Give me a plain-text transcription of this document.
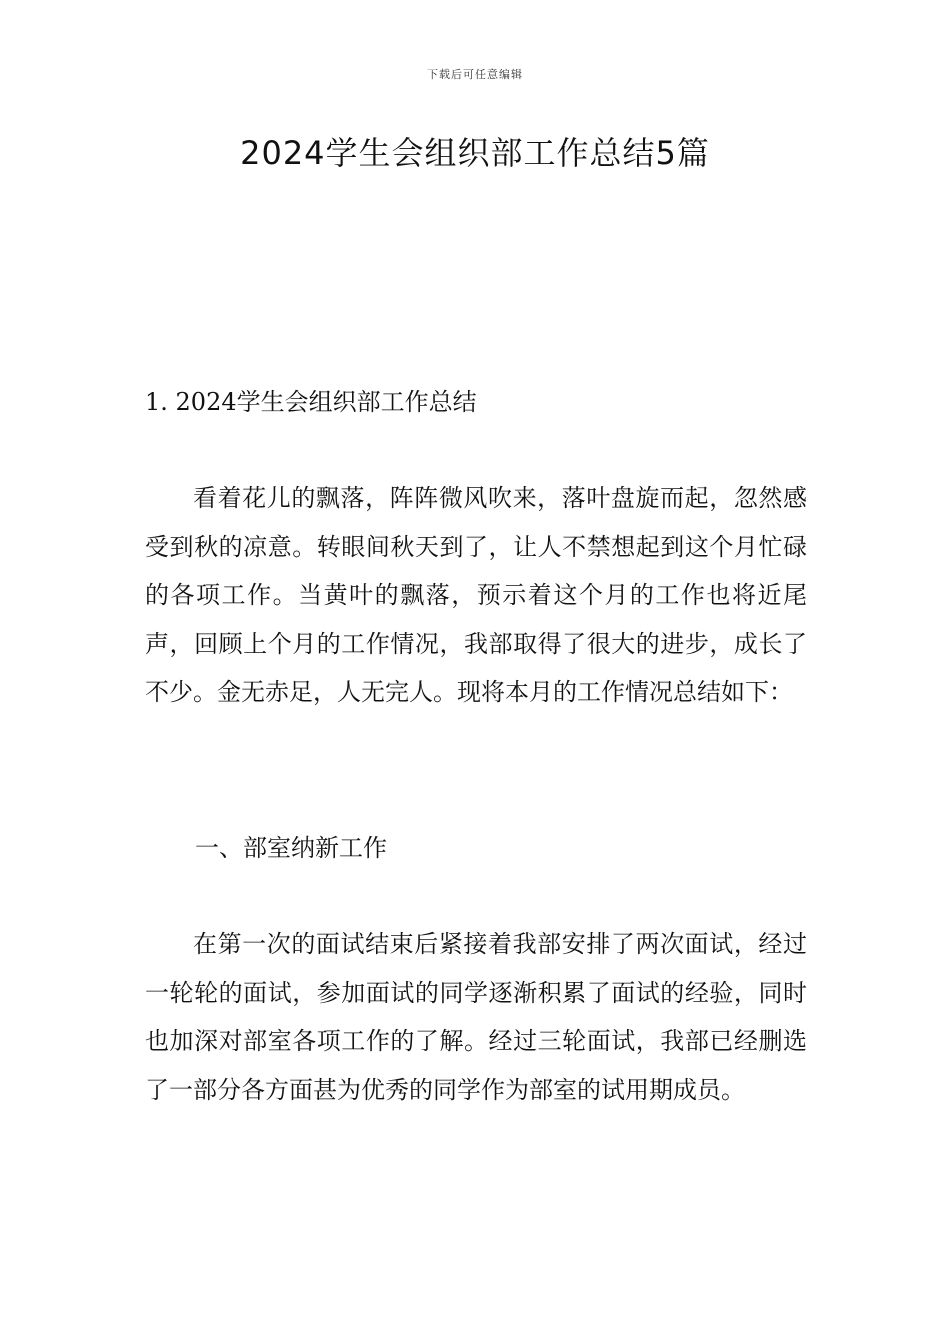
下载后可任意编辑
2024学生会组织部工作总结5篇
1. 2024学生会组织部工作总结

看着花儿的飘落，阵阵微风吹来，落叶盘旋而起，忽然感受到秋的凉意。转眼间秋天到了，让人不禁想起到这个月忙碌的各项工作。当黄叶的飘落，预示着这个月的工作也将近尾声，回顾上个月的工作情况，我部取得了很大的进步，成长了不少。金无赤足，人无完人。现将本月的工作情况总结如下：

一、部室纳新工作

在第一次的面试结束后紧接着我部安排了两次面试，经过一轮轮的面试，参加面试的同学逐渐积累了面试的经验，同时也加深对部室各项工作的了解。经过三轮面试，我部已经删选了一部分各方面甚为优秀的同学作为部室的试用期成员。
